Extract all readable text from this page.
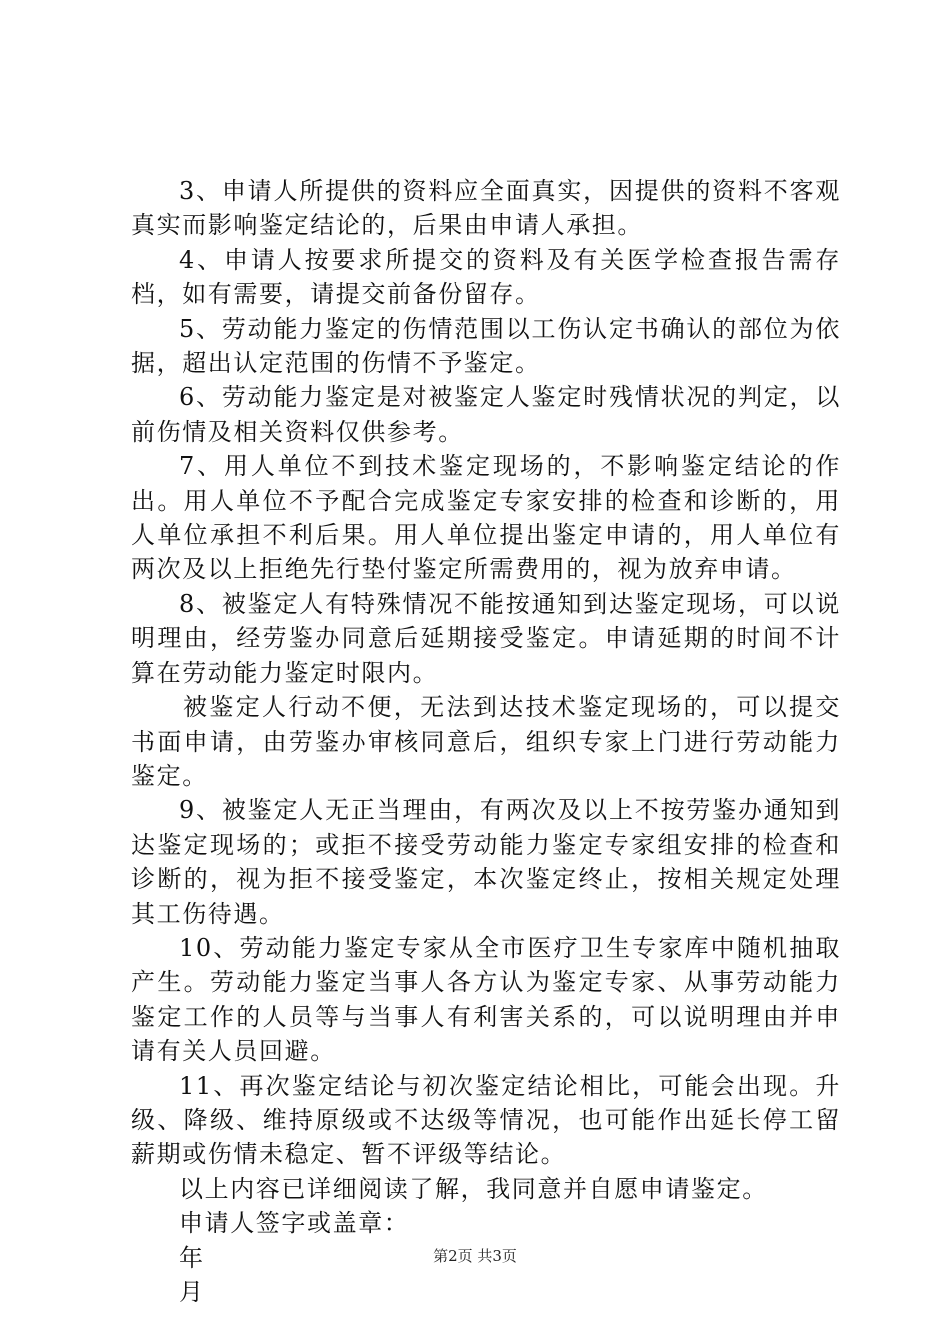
3、申请人所提供的资料应全面真实，因提供的资料不客观真实而影响鉴定结论的，后果由申请人承担。

4、申请人按要求所提交的资料及有关医学检查报告需存档，如有需要，请提交前备份留存。

5、劳动能力鉴定的伤情范围以工伤认定书确认的部位为依据，超出认定范围的伤情不予鉴定。

6、劳动能力鉴定是对被鉴定人鉴定时残情状况的判定，以前伤情及相关资料仅供参考。

7、用人单位不到技术鉴定现场的，不影响鉴定结论的作出。用人单位不予配合完成鉴定专家安排的检查和诊断的，用人单位承担不利后果。用人单位提出鉴定申请的，用人单位有两次及以上拒绝先行垫付鉴定所需费用的，视为放弃申请。

8、被鉴定人有特殊情况不能按通知到达鉴定现场，可以说明理由，经劳鉴办同意后延期接受鉴定。申请延期的时间不计算在劳动能力鉴定时限内。

被鉴定人行动不便，无法到达技术鉴定现场的，可以提交书面申请，由劳鉴办审核同意后，组织专家上门进行劳动能力鉴定。

9、被鉴定人无正当理由，有两次及以上不按劳鉴办通知到达鉴定现场的；或拒不接受劳动能力鉴定专家组安排的检查和诊断的，视为拒不接受鉴定，本次鉴定终止，按相关规定处理其工伤待遇。

10、劳动能力鉴定专家从全市医疗卫生专家库中随机抽取产生。劳动能力鉴定当事人各方认为鉴定专家、从事劳动能力鉴定工作的人员等与当事人有利害关系的，可以说明理由并申请有关人员回避。

11、再次鉴定结论与初次鉴定结论相比，可能会出现。升级、降级、维持原级或不达级等情况，也可能作出延长停工留薪期或伤情未稳定、暂不评级等结论。

以上内容已详细阅读了解，我同意并自愿申请鉴定。

申请人签字或盖章：

年

月

第2页 共3页
